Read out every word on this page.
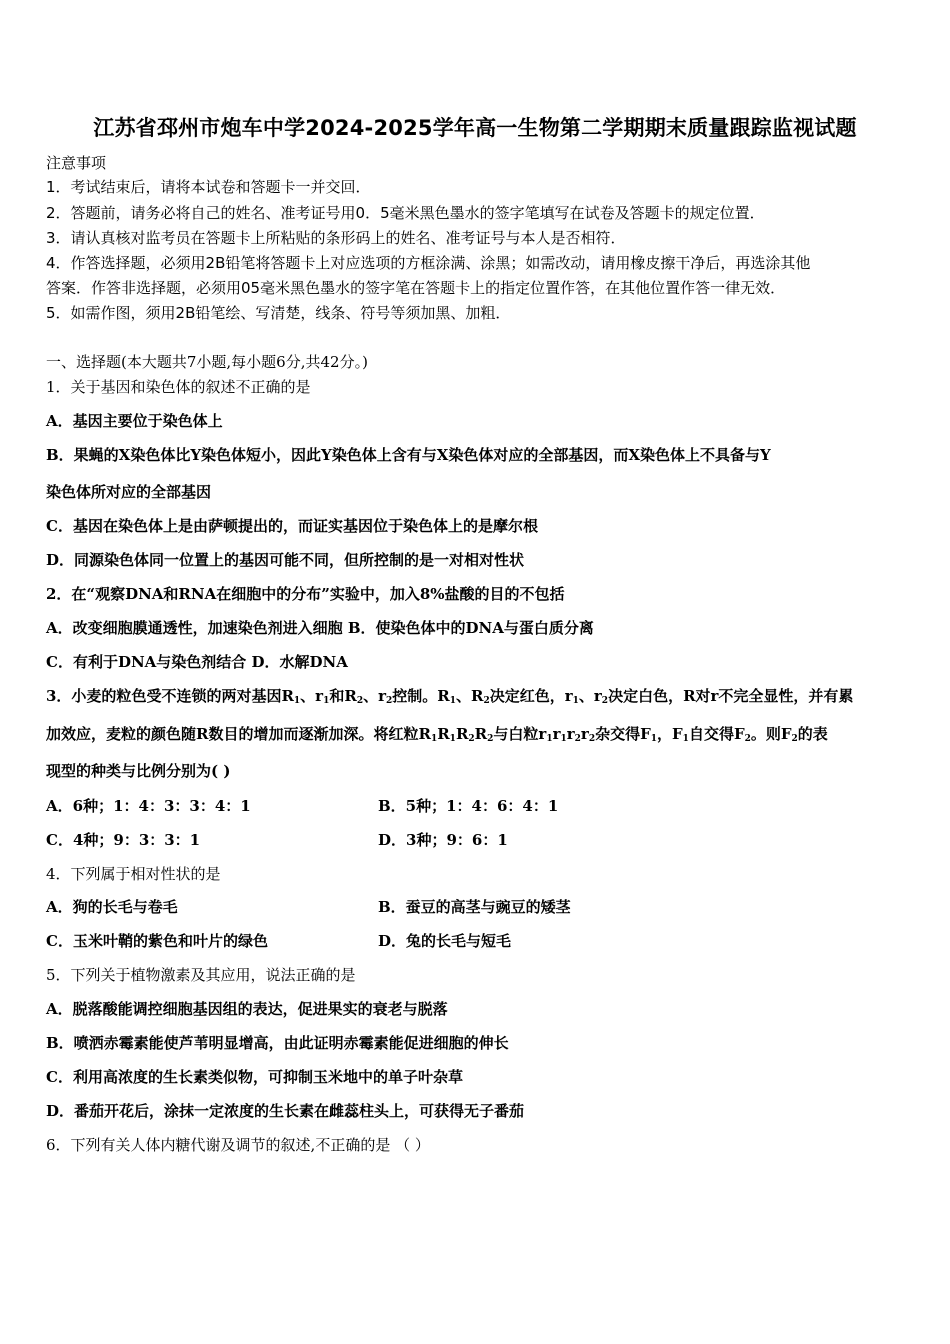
江苏省邳州市炮车中学2024-2025学年高一生物第二学期期末质量跟踪监视试题
注意事项
1．考试结束后，请将本试卷和答题卡一并交回．
2．答题前，请务必将自己的姓名、准考证号用0．5毫米黑色墨水的签字笔填写在试卷及答题卡的规定位置．
3．请认真核对监考员在答题卡上所粘贴的条形码上的姓名、准考证号与本人是否相符．
4．作答选择题，必须用2B铅笔将答题卡上对应选项的方框涂满、涂黑；如需改动，请用橡皮擦干净后，再选涂其他
答案．作答非选择题，必须用05毫米黑色墨水的签字笔在答题卡上的指定位置作答，在其他位置作答一律无效．
5．如需作图，须用2B铅笔绘、写清楚，线条、符号等须加黑、加粗．
一、选择题(本大题共7小题,每小题6分,共42分。)
1．关于基因和染色体的叙述不正确的是
A．基因主要位于染色体上
B．果蝇的X染色体比Y染色体短小，因此Y染色体上含有与X染色体对应的全部基因，而X染色体上不具备与Y
染色体所对应的全部基因
C．基因在染色体上是由萨顿提出的，而证实基因位于染色体上的是摩尔根
D．同源染色体同一位置上的基因可能不同，但所控制的是一对相对性状
2．在“观察DNA和RNA在细胞中的分布”实验中，加入8%盐酸的目的不包括
A．改变细胞膜通透性，加速染色剂进入细胞 B．使染色体中的DNA与蛋白质分离
C．有利于DNA与染色剂结合 D．水解DNA
3．小麦的粒色受不连锁的两对基因$R_1$、$r_1$和$R_2$、$r_2$控制。$R_1$、$R_2$决定红色，$r_1$、$r_2$决定白色，R对r不完全显性，并有累
加效应，麦粒的颜色随R数目的增加而逐渐加深。将红粒$R_1R_1R_2R_2$与白粒$r_1r_1r_2r_2$杂交得$F_1$，$F_1$自交得$F_2$。则$F_2$的表
现型的种类与比例分别为( )
A．6种；1：4：3：3：4：1	B．5种；1：4：6：4：1
C．4种；9：3：3：1	D．3种；9：6：1
4．下列属于相对性状的是
A．狗的长毛与卷毛	B．蚕豆的高茎与豌豆的矮茎
C．玉米叶鞘的紫色和叶片的绿色	D．兔的长毛与短毛
5．下列关于植物激素及其应用，说法正确的是
A．脱落酸能调控细胞基因组的表达，促进果实的衰老与脱落
B．喷洒赤霉素能使芦苇明显增高，由此证明赤霉素能促进细胞的伸长
C．利用高浓度的生长素类似物，可抑制玉米地中的单子叶杂草
D．番茄开花后，涂抹一定浓度的生长素在雌蕊柱头上，可获得无子番茄
6．下列有关人体内糖代谢及调节的叙述,不正确的是 （ ）
